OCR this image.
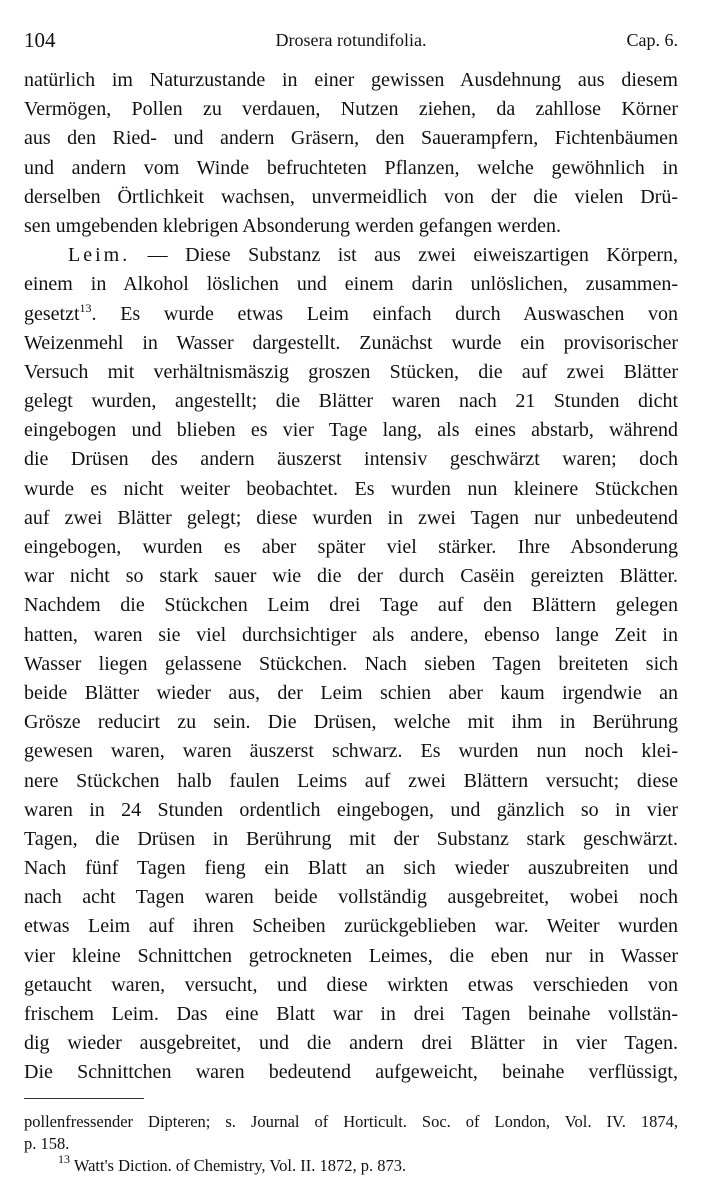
104	Drosera rotundifolia.	Cap. 6.
natürlich im Naturzustande in einer gewissen Ausdehnung aus diesem
Vermögen, Pollen zu verdauen, Nutzen ziehen, da zahllose Körner
aus den Ried- und andern Gräsern, den Sauerampfern, Fichtenbäumen
und andern vom Winde befruchteten Pflanzen, welche gewöhnlich in
derselben Örtlichkeit wachsen, unvermeidlich von der die vielen Drü-
sen umgebenden klebrigen Absonderung werden gefangen werden.
Leim. — Diese Substanz ist aus zwei eiweiszartigen Körpern,
einem in Alkohol löslichen und einem darin unlöslichen, zusammen-
gesetzt$^{13}$. Es wurde etwas Leim einfach durch Auswaschen von
Weizenmehl in Wasser dargestellt. Zunächst wurde ein provisorischer
Versuch mit verhältnismäszig groszen Stücken, die auf zwei Blätter
gelegt wurden, angestellt; die Blätter waren nach 21 Stunden dicht
eingebogen und blieben es vier Tage lang, als eines abstarb, während
die Drüsen des andern äuszerst intensiv geschwärzt waren; doch
wurde es nicht weiter beobachtet. Es wurden nun kleinere Stückchen
auf zwei Blätter gelegt; diese wurden in zwei Tagen nur unbedeutend
eingebogen, wurden es aber später viel stärker. Ihre Absonderung
war nicht so stark sauer wie die der durch Casëin gereizten Blätter.
Nachdem die Stückchen Leim drei Tage auf den Blättern gelegen
hatten, waren sie viel durchsichtiger als andere, ebenso lange Zeit in
Wasser liegen gelassene Stückchen. Nach sieben Tagen breiteten sich
beide Blätter wieder aus, der Leim schien aber kaum irgendwie an
Grösze reducirt zu sein. Die Drüsen, welche mit ihm in Berührung
gewesen waren, waren äuszerst schwarz. Es wurden nun noch klei-
nere Stückchen halb faulen Leims auf zwei Blättern versucht; diese
waren in 24 Stunden ordentlich eingebogen, und gänzlich so in vier
Tagen, die Drüsen in Berührung mit der Substanz stark geschwärzt.
Nach fünf Tagen fieng ein Blatt an sich wieder auszubreiten und
nach acht Tagen waren beide vollständig ausgebreitet, wobei noch
etwas Leim auf ihren Scheiben zurückgeblieben war. Weiter wurden
vier kleine Schnittchen getrockneten Leimes, die eben nur in Wasser
getaucht waren, versucht, und diese wirkten etwas verschieden von
frischem Leim. Das eine Blatt war in drei Tagen beinahe vollstän-
dig wieder ausgebreitet, und die andern drei Blätter in vier Tagen.
Die Schnittchen waren bedeutend aufgeweicht, beinahe verflüssigt,
pollenfressender Dipteren; s. Journal of Horticult. Soc. of London, Vol. IV. 1874,
p. 158.
$^{13}$ Watt's Diction. of Chemistry, Vol. II. 1872, p. 873.
